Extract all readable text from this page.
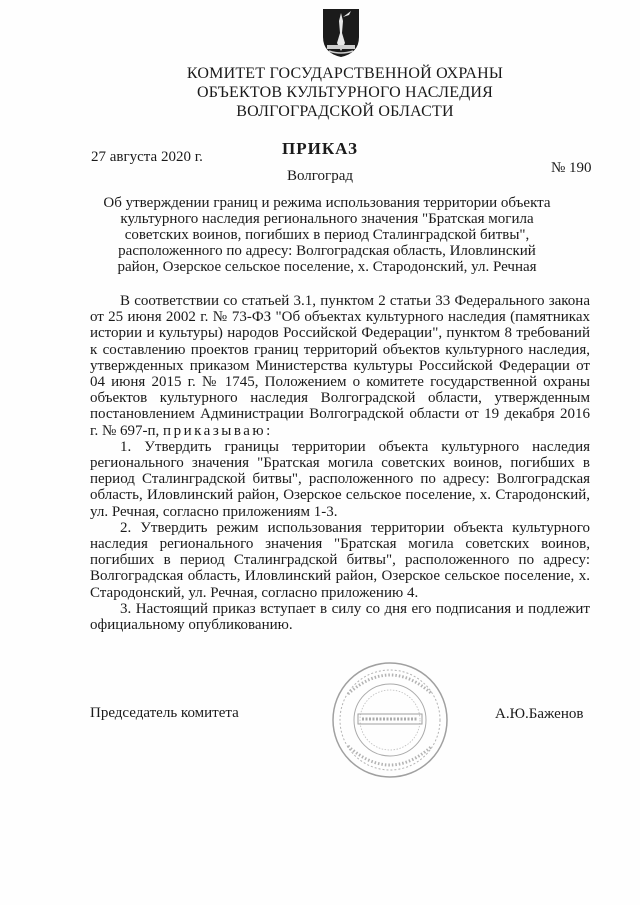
КОМИТЕТ ГОСУДАРСТВЕННОЙ ОХРАНЫ
ОБЪЕКТОВ КУЛЬТУРНОГО НАСЛЕДИЯ
ВОЛГОГРАДСКОЙ ОБЛАСТИ
ПРИКАЗ
27 августа 2020 г.
№ 190
Волгоград
Об утверждении границ и режима использования территории объекта культурного наследия регионального значения "Братская могила советских воинов, погибших в период Сталинградской битвы", расположенного по адресу: Волгоградская область, Иловлинский район, Озерское сельское поселение, х. Стародонский, ул. Речная

В соответствии со статьей 3.1, пунктом 2 статьи 33 Федерального закона от 25 июня 2002 г. № 73-ФЗ "Об объектах культурного наследия (памятниках истории и культуры) народов Российской Федерации", пунктом 8 требований к составлению проектов границ территорий объектов культурного наследия, утвержденных приказом Министерства культуры Российской Федерации от 04 июня 2015 г. № 1745, Положением о комитете государственной охраны объектов культурного наследия Волгоградской области, утвержденным постановлением Администрации Волгоградской области от 19 декабря 2016 г. № 697-п, приказываю:

1. Утвердить границы территории объекта культурного наследия регионального значения "Братская могила советских воинов, погибших в период Сталинградской битвы", расположенного по адресу: Волгоградская область, Иловлинский район, Озерское сельское поселение, х. Стародонский, ул. Речная, согласно приложениям 1-3.

2. Утвердить режим использования территории объекта культурного наследия регионального значения "Братская могила советских воинов, погибших в период Сталинградской битвы", расположенного по адресу: Волгоградская область, Иловлинский район, Озерское сельское поселение, х. Стародонский, ул. Речная, согласно приложению 4.

3. Настоящий приказ вступает в силу со дня его подписания и подлежит официальному опубликованию.

Председатель комитета	А.Ю.Баженов
